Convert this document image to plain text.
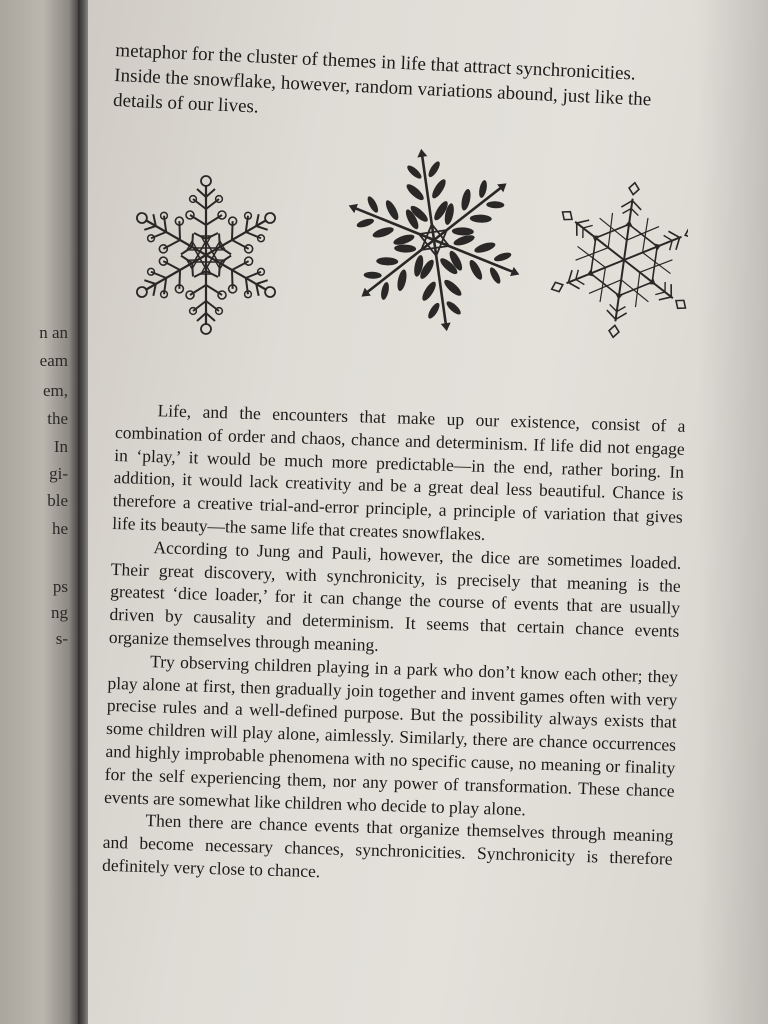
n an

eam

em,

the

In

gi-

ble

he

ps

ng

s-

metaphor for the cluster of themes in life that attract synchronicities. Inside the snowflake, however, random variations abound, just like the details of our lives.

Life, and the encounters that make up our existence, consist of a combination of order and chaos, chance and determinism. If life did not engage in ‘play,’ it would be much more predictable—in the end, rather boring. In addition, it would lack creativity and be a great deal less beautiful. Chance is therefore a creative trial-and-error principle, a principle of variation that gives life its beauty—the same life that creates snowflakes.

According to Jung and Pauli, however, the dice are sometimes loaded. Their great discovery, with synchronicity, is precisely that meaning is the greatest ‘dice loader,’ for it can change the course of events that are usually driven by causality and determinism. It seems that certain chance events organize themselves through meaning.

Try observing children playing in a park who don’t know each other; they play alone at first, then gradually join together and invent games often with very precise rules and a well-defined purpose. But the possibility always exists that some children will play alone, aimlessly. Similarly, there are chance occurrences and highly improbable phenomena with no specific cause, no meaning or finality for the self experiencing them, nor any power of transformation. These chance events are somewhat like children who decide to play alone.

Then there are chance events that organize themselves through meaning and become necessary chances, synchronicities. Synchronicity is therefore definitely very close to chance.
